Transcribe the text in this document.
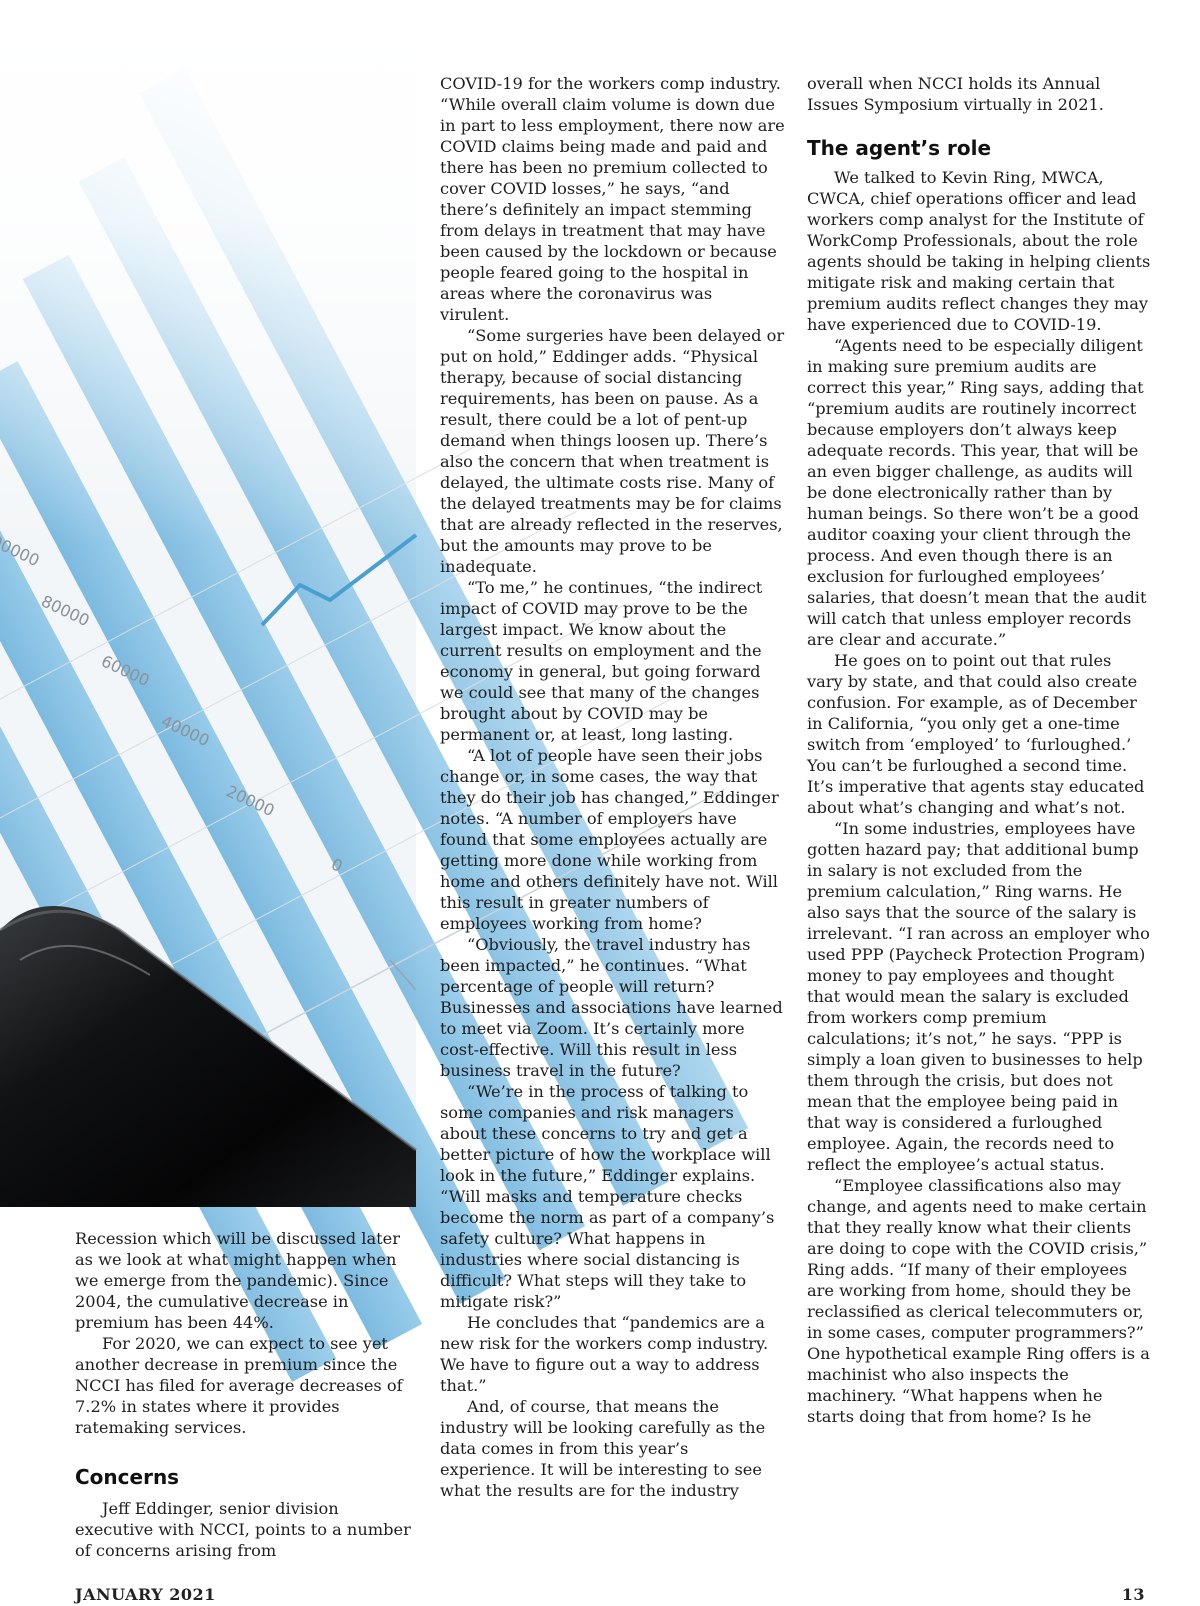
Recession which will be discussed later as we look at what might happen when we emerge from the pandemic). Since 2004, the cumulative decrease in premium has been 44%.

For 2020, we can expect to see yet another decrease in premium since the NCCI has filed for average decreases of 7.2% in states where it provides ratemaking services.

Concerns

Jeff Eddinger, senior division executive with NCCI, points to a number of concerns arising from

COVID-19 for the workers comp industry. “While overall claim volume is down due in part to less employment, there now are COVID claims being made and paid and there has been no premium collected to cover COVID losses,” he says, “and there’s definitely an impact stemming from delays in treatment that may have been caused by the lockdown or because people feared going to the hospital in areas where the coronavirus was virulent.

“Some surgeries have been delayed or put on hold,” Eddinger adds. “Physical therapy, because of social distancing requirements, has been on pause. As a result, there could be a lot of pent-up demand when things loosen up. There’s also the concern that when treatment is delayed, the ultimate costs rise. Many of the delayed treatments may be for claims that are already reflected in the reserves, but the amounts may prove to be inadequate.

“To me,” he continues, “the indirect impact of COVID may prove to be the largest impact. We know about the current results on employment and the economy in general, but going forward we could see that many of the changes brought about by COVID may be permanent or, at least, long lasting.

“A lot of people have seen their jobs change or, in some cases, the way that they do their job has changed,” Eddinger notes. “A number of employers have found that some employees actually are getting more done while working from home and others definitely have not. Will this result in greater numbers of employees working from home?

“Obviously, the travel industry has been impacted,” he continues. “What percentage of people will return? Businesses and associations have learned to meet via Zoom. It’s certainly more cost-effective. Will this result in less business travel in the future?

“We’re in the process of talking to some companies and risk managers about these concerns to try and get a better picture of how the workplace will look in the future,” Eddinger explains. “Will masks and temperature checks become the norm as part of a company’s safety culture? What happens in industries where social distancing is difficult? What steps will they take to mitigate risk?”

He concludes that “pandemics are a new risk for the workers comp industry. We have to figure out a way to address that.”

And, of course, that means the industry will be looking carefully as the data comes in from this year’s experience. It will be interesting to see what the results are for the industry

overall when NCCI holds its Annual Issues Symposium virtually in 2021.

The agent’s role

We talked to Kevin Ring, MWCA, CWCA, chief operations officer and lead workers comp analyst for the Institute of WorkComp Professionals, about the role agents should be taking in helping clients mitigate risk and making certain that premium audits reflect changes they may have experienced due to COVID-19.

“Agents need to be especially diligent in making sure premium audits are correct this year,” Ring says, adding that “premium audits are routinely incorrect because employers don’t always keep adequate records. This year, that will be an even bigger challenge, as audits will be done electronically rather than by human beings. So there won’t be a good auditor coaxing your client through the process. And even though there is an exclusion for furloughed employees’ salaries, that doesn’t mean that the audit will catch that unless employer records are clear and accurate.”

He goes on to point out that rules vary by state, and that could also create confusion. For example, as of December in California, “you only get a one-time switch from ‘employed’ to ‘furloughed.’ You can’t be furloughed a second time. It’s imperative that agents stay educated about what’s changing and what’s not.

“In some industries, employees have gotten hazard pay; that additional bump in salary is not excluded from the premium calculation,” Ring warns. He also says that the source of the salary is irrelevant. “I ran across an employer who used PPP (Paycheck Protection Program) money to pay employees and thought that would mean the salary is excluded from workers comp premium calculations; it’s not,” he says. “PPP is simply a loan given to businesses to help them through the crisis, but does not mean that the employee being paid in that way is considered a furloughed employee. Again, the records need to reflect the employee’s actual status.

“Employee classifications also may change, and agents need to make certain that they really know what their clients are doing to cope with the COVID crisis,” Ring adds. “If many of their employees are working from home, should they be reclassified as clerical telecommuters or, in some cases, computer programmers?” One hypothetical example Ring offers is a machinist who also inspects the machinery. “What happens when he starts doing that from home? Is he

JANUARY 2021	13
